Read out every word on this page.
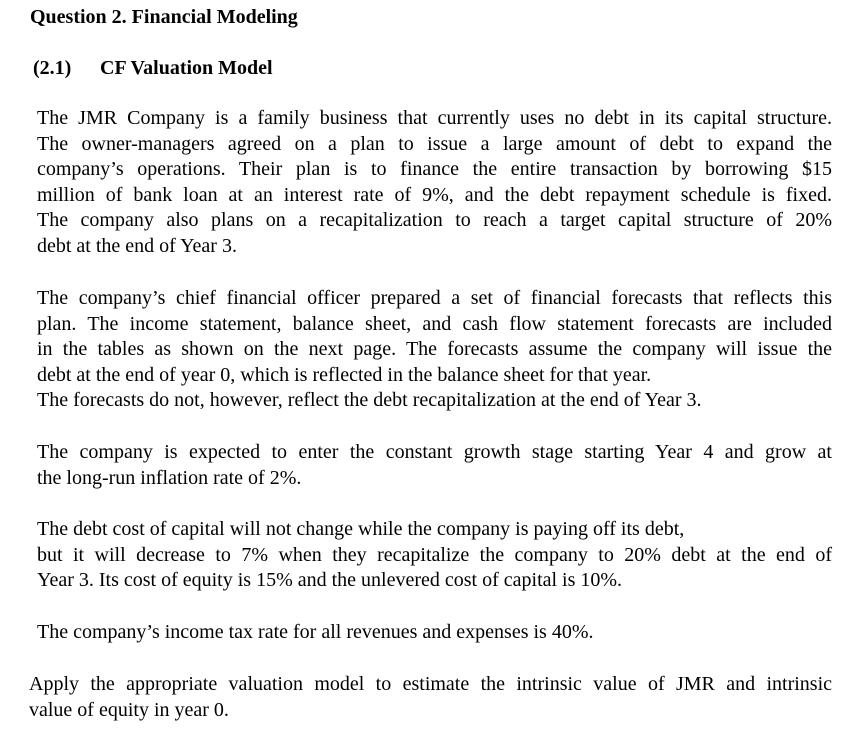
Question 2. Financial Modeling
(2.1) CF Valuation Model
The JMR Company is a family business that currently uses no debt in its capital structure.
The owner-managers agreed on a plan to issue a large amount of debt to expand the
company’s operations. Their plan is to finance the entire transaction by borrowing $15
million of bank loan at an interest rate of 9%, and the debt repayment schedule is fixed.
The company also plans on a recapitalization to reach a target capital structure of 20%
debt at the end of Year 3.
The company’s chief financial officer prepared a set of financial forecasts that reflects this
plan. The income statement, balance sheet, and cash flow statement forecasts are included
in the tables as shown on the next page. The forecasts assume the company will issue the
debt at the end of year 0, which is reflected in the balance sheet for that year.
The forecasts do not, however, reflect the debt recapitalization at the end of Year 3.
The company is expected to enter the constant growth stage starting Year 4 and grow at
the long-run inflation rate of 2%.
The debt cost of capital will not change while the company is paying off its debt,
but it will decrease to 7% when they recapitalize the company to 20% debt at the end of
Year 3. Its cost of equity is 15% and the unlevered cost of capital is 10%.
The company’s income tax rate for all revenues and expenses is 40%.
Apply the appropriate valuation model to estimate the intrinsic value of JMR and intrinsic
value of equity in year 0.
